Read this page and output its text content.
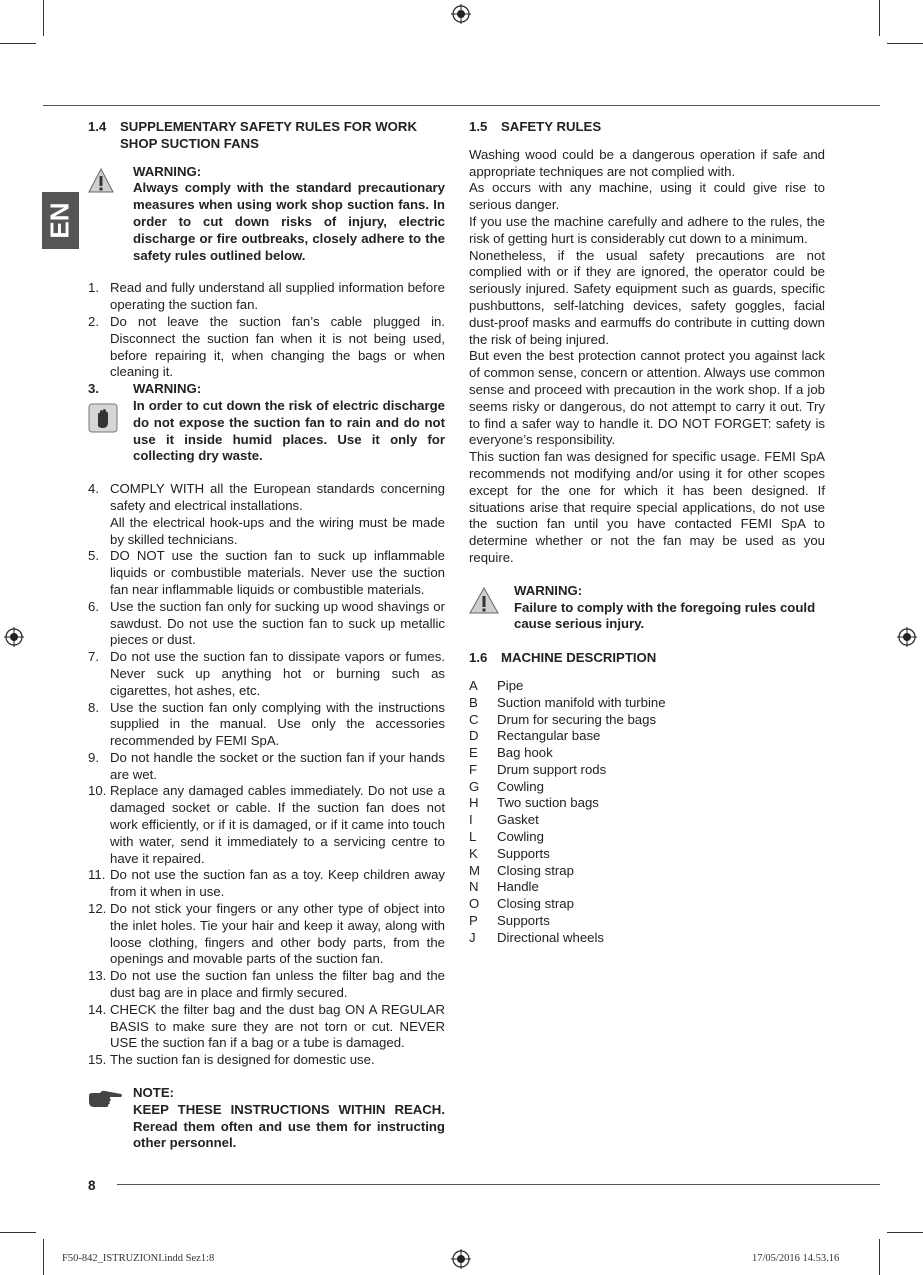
EN
1.4	SUPPLEMENTARY SAFETY RULES FOR WORK
SHOP SUCTION FANS
WARNING:
Always comply with the standard precautionary measures when using work shop suction fans. In order to cut down risks of injury, electric discharge or fire outbreaks, closely adhere to the safety rules outlined below.
1. Read and fully understand all supplied information before operating the suction fan.
2. Do not leave the suction fan’s cable plugged in. Disconnect the suction fan when it is not being used, before repairing it, when changing the bags or when cleaning it.
3.	WARNING:
In order to cut down the risk of electric discharge do not expose the suction fan to rain and do not use it inside humid places. Use it only for collecting dry waste.
4. COMPLY WITH all the European standards concerning safety and electrical installations.
All the electrical hook-ups and the wiring must be made by skilled technicians.
5. DO NOT use the suction fan to suck up inflammable liquids or combustible materials. Never use the suction fan near inflammable liquids or combustible materials.
6. Use the suction fan only for sucking up wood shavings or sawdust. Do not use the suction fan to suck up metallic pieces or dust.
7. Do not use the suction fan to dissipate vapors or fumes. Never suck up anything hot or burning such as cigarettes, hot ashes, etc.
8. Use the suction fan only complying with the instructions supplied in the manual. Use only the accessories recommended by FEMI SpA.
9. Do not handle the socket or the suction fan if your hands are wet.
10. Replace any damaged cables immediately. Do not use a damaged socket or cable. If the suction fan does not work efficiently, or if it is damaged, or if it came into touch with water, send it immediately to a servicing centre to have it repaired.
11. Do not use the suction fan as a toy. Keep children away from it when in use.
12. Do not stick your fingers or any other type of object into the inlet holes. Tie your hair and keep it away, along with loose clothing, fingers and other body parts, from the openings and movable parts of the suction fan.
13. Do not use the suction fan unless the filter bag and the dust bag are in place and firmly secured.
14. CHECK the filter bag and the dust bag ON A REGULAR BASIS to make sure they are not torn or cut. NEVER USE the suction fan if a bag or a tube is damaged.
15. The suction fan is designed for domestic use.
NOTE:
KEEP THESE INSTRUCTIONS WITHIN REACH. Reread them often and use them for instructing other personnel.
1.5	SAFETY RULES
Washing wood could be a dangerous operation if safe and appropriate techniques are not complied with.
As occurs with any machine, using it could give rise to serious danger.
If you use the machine carefully and adhere to the rules, the risk of getting hurt is considerably cut down to a minimum.
Nonetheless, if the usual safety precautions are not complied with or if they are ignored, the operator could be seriously injured. Safety equipment such as guards, specific pushbuttons, self-latching devices, safety goggles, facial dust-proof masks and earmuffs do contribute in cutting down the risk of being injured.
But even the best protection cannot protect you against lack of common sense, concern or attention. Always use common sense and proceed with precaution in the work shop. If a job seems risky or dangerous, do not attempt to carry it out. Try to find a safer way to handle it. DO NOT FORGET: safety is everyone’s responsibility.
This suction fan was designed for specific usage. FEMI SpA recommends not modifying and/or using it for other scopes except for the one for which it has been designed. If situations arise that require special applications, do not use the suction fan until you have contacted FEMI SpA to determine whether or not the fan may be used as you require.
WARNING:
Failure to comply with the foregoing rules could cause serious injury.
1.6	MACHINE DESCRIPTION
A	Pipe
B	Suction manifold with turbine
C	Drum for securing the bags
D	Rectangular base
E	Bag hook
F	Drum support rods
G	Cowling
H	Two suction bags
I	Gasket
L	Cowling
K	Supports
M	Closing strap
N	Handle
O	Closing strap
P	Supports
J	Directional wheels
8
F50-842_ISTRUZIONI.indd Sez1:8	17/05/2016 14.53.16
